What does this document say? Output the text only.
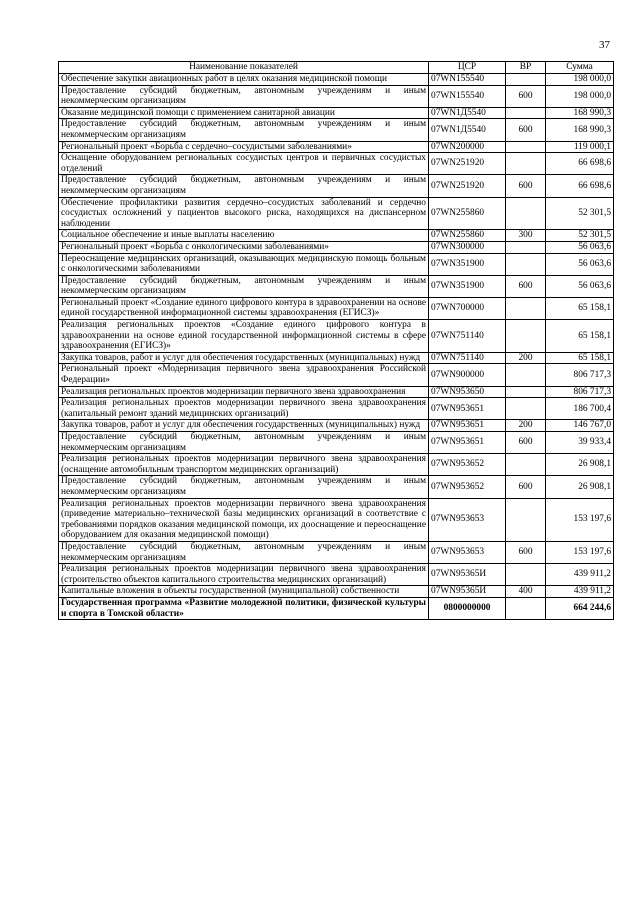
37
Наименование показателей	ЦСР	ВР	Сумма
Обеспечение закупки авиационных работ в целях оказания медицинской помощи	07WN155540		198 000,0
Предоставление субсидий бюджетным, автономным учреждениям и иным некоммерческим организациям	07WN155540	600	198 000,0
Оказание медицинской помощи с применением санитарной авиации	07WN1Д5540		168 990,3
Предоставление субсидий бюджетным, автономным учреждениям и иным некоммерческим организациям	07WN1Д5540	600	168 990,3
Региональный проект «Борьба с сердечно–сосудистыми заболеваниями»	07WN200000		119 000,1
Оснащение оборудованием региональных сосудистых центров и первичных сосудистых отделений	07WN251920		66 698,6
Предоставление субсидий бюджетным, автономным учреждениям и иным некоммерческим организациям	07WN251920	600	66 698,6
Обеспечение профилактики развития сердечно–сосудистых заболеваний и сердечно сосудистых осложнений у пациентов высокого риска, находящихся на диспансерном наблюдении	07WN255860		52 301,5
Социальное обеспечение и иные выплаты населению	07WN255860	300	52 301,5
Региональный проект «Борьба с онкологическими заболеваниями»	07WN300000		56 063,6
Переоснащение медицинских организаций, оказывающих медицинскую помощь больным с онкологическими заболеваниями	07WN351900		56 063,6
Предоставление субсидий бюджетным, автономным учреждениям и иным некоммерческим организациям	07WN351900	600	56 063,6
Региональный проект «Создание единого цифрового контура в здравоохранении на основе единой государственной информационной системы здравоохранения (ЕГИСЗ)»	07WN700000		65 158,1
Реализация региональных проектов «Создание единого цифрового контура в здравоохранении на основе единой государственной информационной системы в сфере здравоохранения (ЕГИСЗ)»	07WN751140		65 158,1
Закупка товаров, работ и услуг для обеспечения государственных (муниципальных) нужд	07WN751140	200	65 158,1
Региональный проект «Модернизация первичного звена здравоохранения Российской Федерации»	07WN900000		806 717,3
Реализация региональных проектов модернизации первичного звена здравоохранения	07WN953650		806 717,3
Реализация региональных проектов модернизации первичного звена здравоохранения (капитальный ремонт зданий медицинских организаций)	07WN953651		186 700,4
Закупка товаров, работ и услуг для обеспечения государственных (муниципальных) нужд	07WN953651	200	146 767,0
Предоставление субсидий бюджетным, автономным учреждениям и иным некоммерческим организациям	07WN953651	600	39 933,4
Реализация региональных проектов модернизации первичного звена здравоохранения (оснащение автомобильным транспортом медицинских организаций)	07WN953652		26 908,1
Предоставление субсидий бюджетным, автономным учреждениям и иным некоммерческим организациям	07WN953652	600	26 908,1
Реализация региональных проектов модернизации первичного звена здравоохранения (приведение материально–технической базы медицинских организаций в соответствие с требованиями порядков оказания медицинской помощи, их дооснащение и переоснащение оборудованием для оказания медицинской помощи)	07WN953653		153 197,6
Предоставление субсидий бюджетным, автономным учреждениям и иным некоммерческим организациям	07WN953653	600	153 197,6
Реализация региональных проектов модернизации первичного звена здравоохранения (строительство объектов капитального строительства медицинских организаций)	07WN95365И		439 911,2
Капитальные вложения в объекты государственной (муниципальной) собственности	07WN95365И	400	439 911,2
Государственная программа «Развитие молодежной политики, физической культуры и спорта в Томской области»	0800000000		664 244,6
